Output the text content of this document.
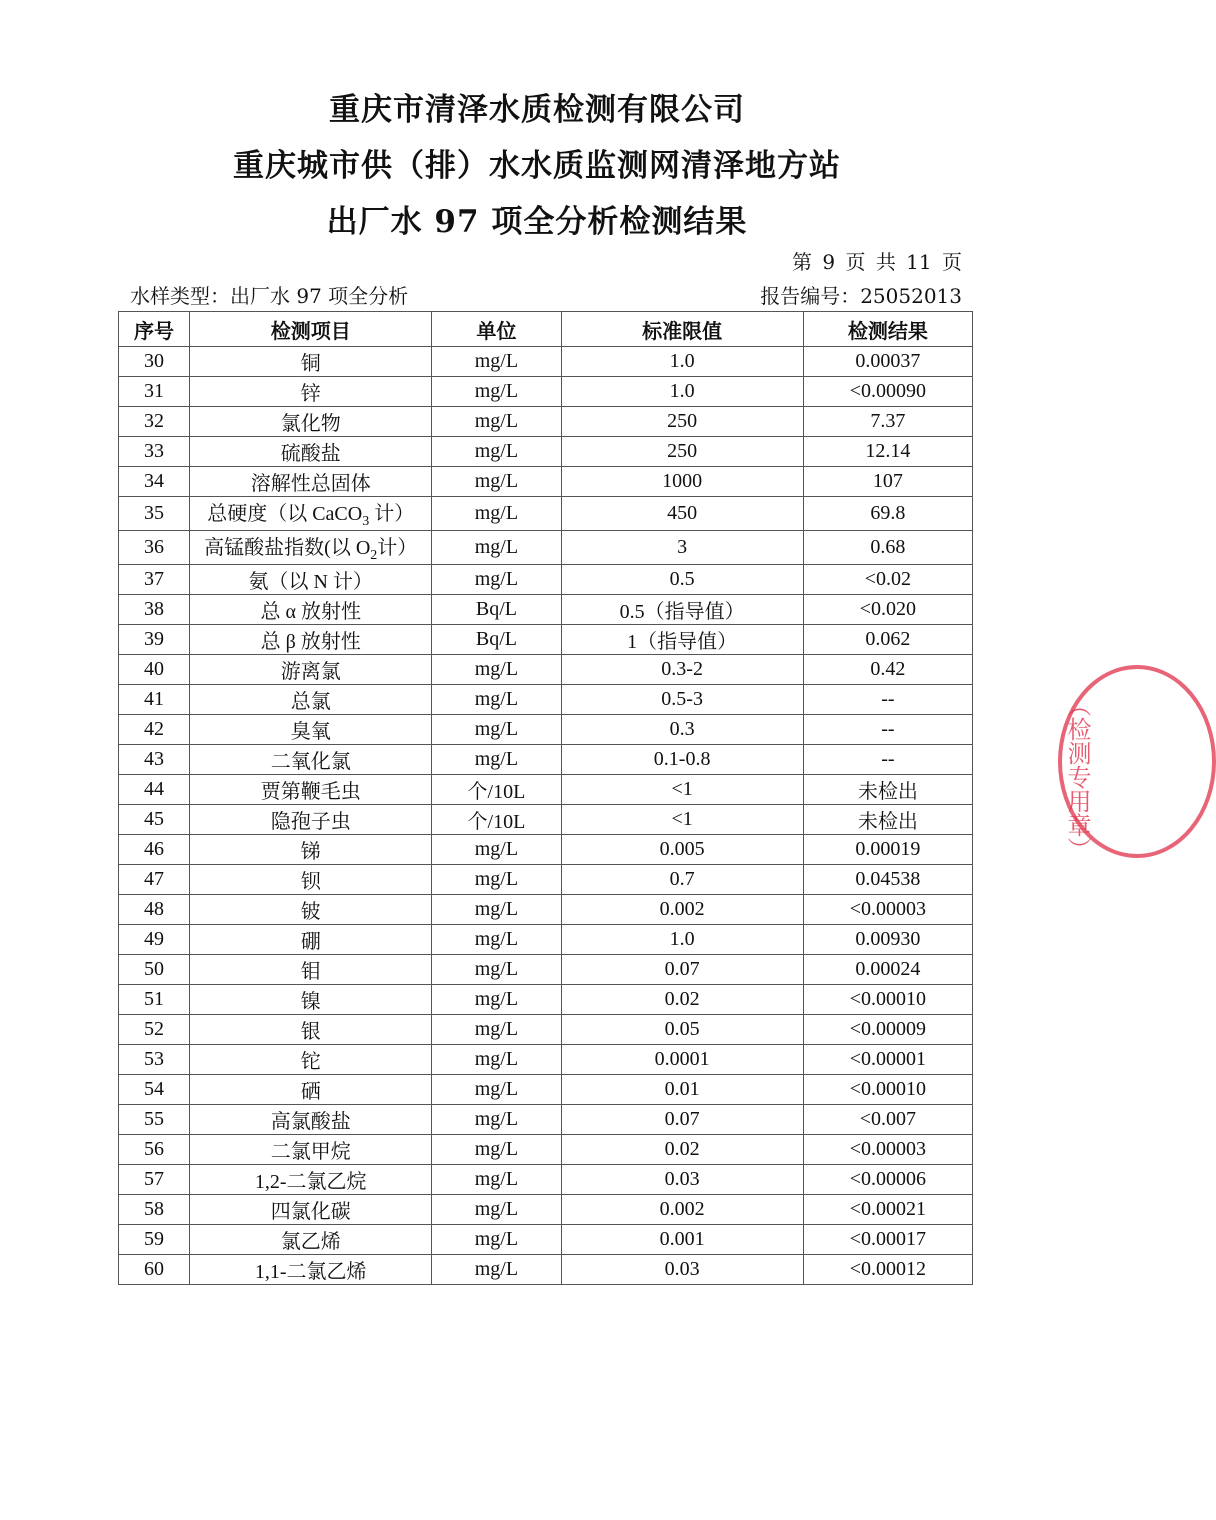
重庆市清泽水质检测有限公司

重庆城市供（排）水水质监测网清泽地方站

出厂水 97 项全分析检测结果

第 9 页 共 11 页
水样类型：出厂水 97 项全分析	报告编号：25052013
序号	检测项目	单位	标准限值	检测结果
30	铜	mg/L	1.0	0.00037
31	锌	mg/L	1.0	<0.00090
32	氯化物	mg/L	250	7.37
33	硫酸盐	mg/L	250	12.14
34	溶解性总固体	mg/L	1000	107
35	总硬度（以 CaCO$_3$ 计）	mg/L	450	69.8
36	高锰酸盐指数(以 $O_2$计）	mg/L	3	0.68
37	氨（以 N 计）	mg/L	0.5	<0.02
38	总 α 放射性	Bq/L	0.5（指导值）	<0.020
39	总 β 放射性	Bq/L	1（指导值）	0.062
40	游离氯	mg/L	0.3-2	0.42
41	总氯	mg/L	0.5-3	--
42	臭氧	mg/L	0.3	--
43	二氧化氯	mg/L	0.1-0.8	--
44	贾第鞭毛虫	个/10L	<1	未检出
45	隐孢子虫	个/10L	<1	未检出
46	锑	mg/L	0.005	0.00019
47	钡	mg/L	0.7	0.04538
48	铍	mg/L	0.002	<0.00003
49	硼	mg/L	1.0	0.00930
50	钼	mg/L	0.07	0.00024
51	镍	mg/L	0.02	<0.00010
52	银	mg/L	0.05	<0.00009
53	铊	mg/L	0.0001	<0.00001
54	硒	mg/L	0.01	<0.00010
55	高氯酸盐	mg/L	0.07	<0.007
56	二氯甲烷	mg/L	0.02	<0.00003
57	1,2-二氯乙烷	mg/L	0.03	<0.00006
58	四氯化碳	mg/L	0.002	<0.00021
59	氯乙烯	mg/L	0.001	<0.00017
60	1,1-二氯乙烯	mg/L	0.03	<0.00012
（检测专用章）
